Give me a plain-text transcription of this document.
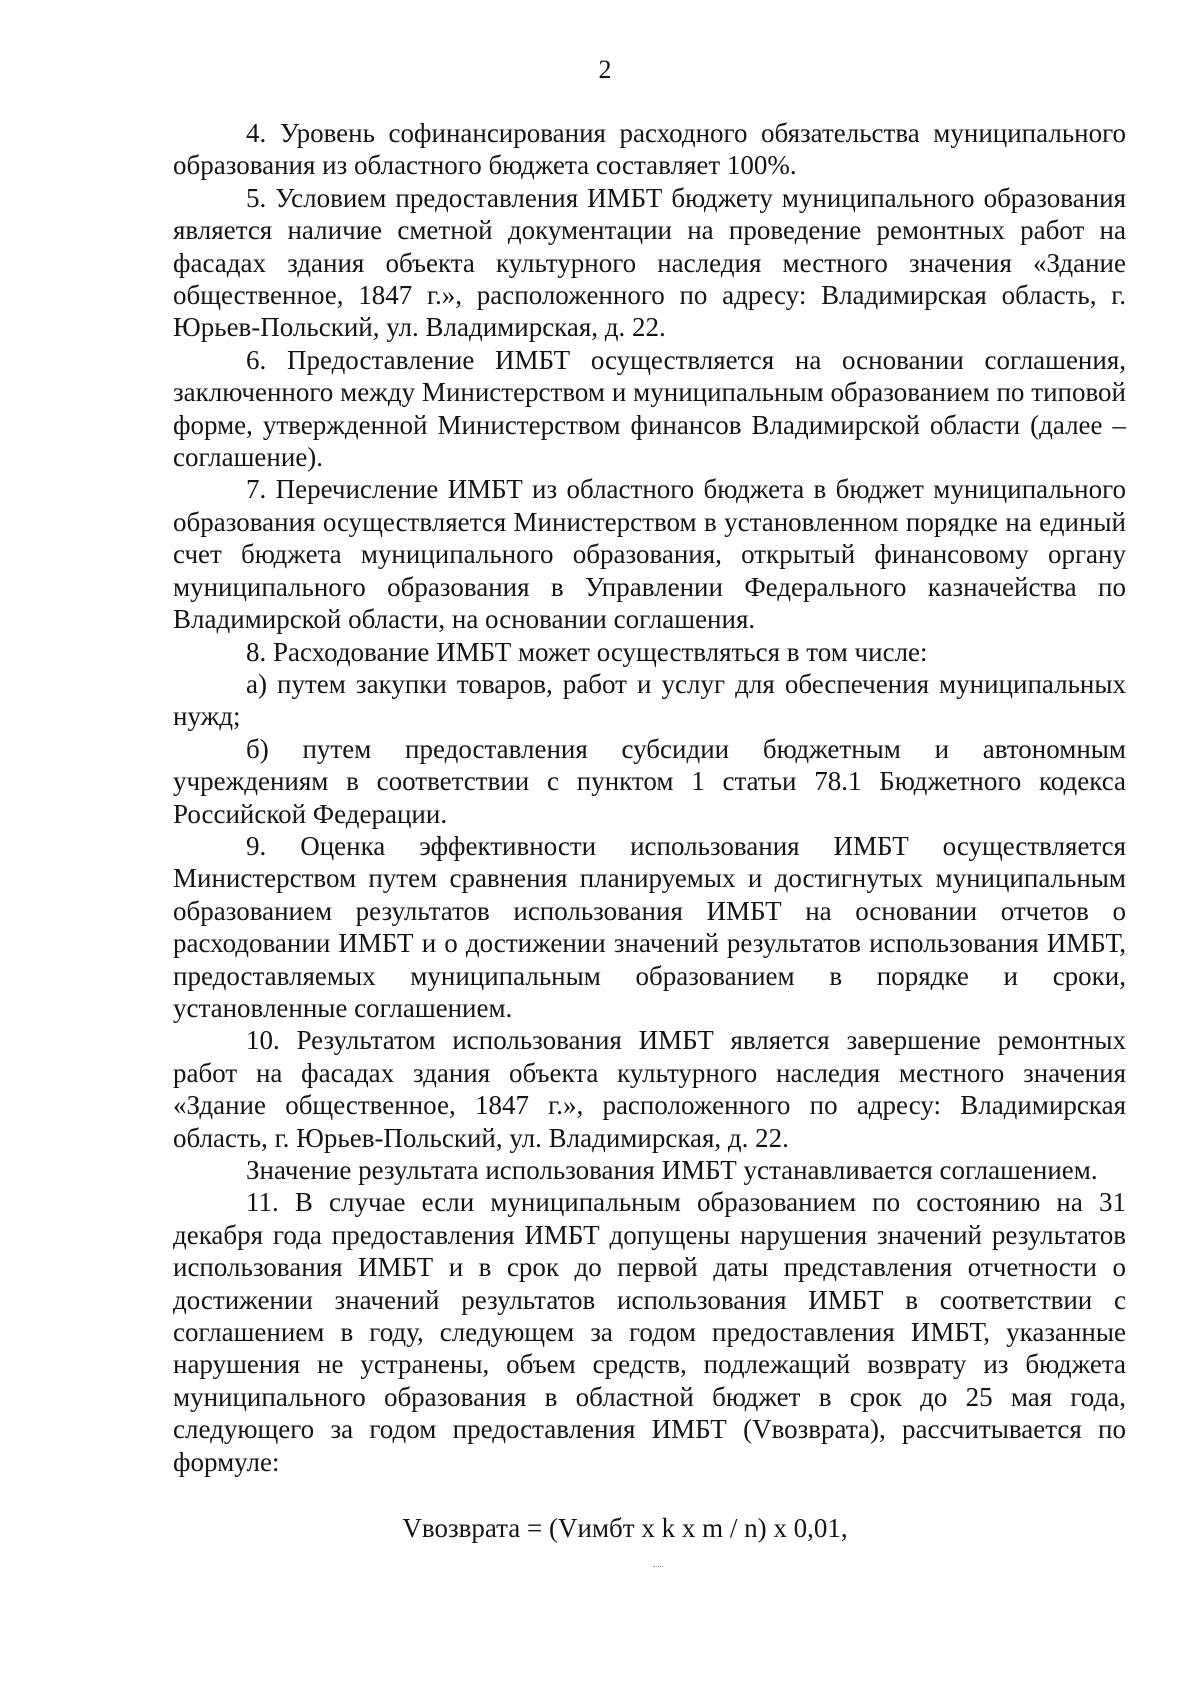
2

4. Уровень софинансирования расходного обязательства муниципального образования из областного бюджета составляет 100%.

5. Условием предоставления ИМБТ бюджету муниципального образования является наличие сметной документации на проведение ремонтных работ на фасадах здания объекта культурного наследия местного значения «Здание общественное, 1847 г.», расположенного по адресу: Владимирская область, г. Юрьев-Польский, ул. Владимирская, д. 22.

6. Предоставление ИМБТ осуществляется на основании соглашения, заключенного между Министерством и муниципальным образованием по типовой форме, утвержденной Министерством финансов Владимирской области (далее – соглашение).

7. Перечисление ИМБТ из областного бюджета в бюджет муниципального образования осуществляется Министерством в установленном порядке на единый счет бюджета муниципального образования, открытый финансовому органу муниципального образования в Управлении Федерального казначейства по Владимирской области, на основании соглашения.

8. Расходование ИМБТ может осуществляться в том числе:

а) путем закупки товаров, работ и услуг для обеспечения муниципальных нужд;

б) путем предоставления субсидии бюджетным и автономным учреждениям в соответствии с пунктом 1 статьи 78.1 Бюджетного кодекса Российской Федерации.

9. Оценка эффективности использования ИМБТ осуществляется Министерством путем сравнения планируемых и достигнутых муниципальным образованием результатов использования ИМБТ на основании отчетов о расходовании ИМБТ и о достижении значений результатов использования ИМБТ, предоставляемых муниципальным образованием в порядке и сроки, установленные соглашением.

10. Результатом использования ИМБТ является завершение ремонтных работ на фасадах здания объекта культурного наследия местного значения «Здание общественное, 1847 г.», расположенного по адресу: Владимирская область, г. Юрьев-Польский, ул. Владимирская, д. 22.

Значение результата использования ИМБТ устанавливается соглашением.

11. В случае если муниципальным образованием по состоянию на 31 декабря года предоставления ИМБТ допущены нарушения значений результатов использования ИМБТ и в срок до первой даты представления отчетности о достижении значений результатов использования ИМБТ в соответствии с соглашением в году, следующем за годом предоставления ИМБТ, указанные нарушения не устранены, объем средств, подлежащий возврату из бюджета муниципального образования в областной бюджет в срок до 25 мая года, следующего за годом предоставления ИМБТ (Vвозврата), рассчитывается по формуле:

Vвозврата = (Vимбт x k x m / n) x 0,01,
